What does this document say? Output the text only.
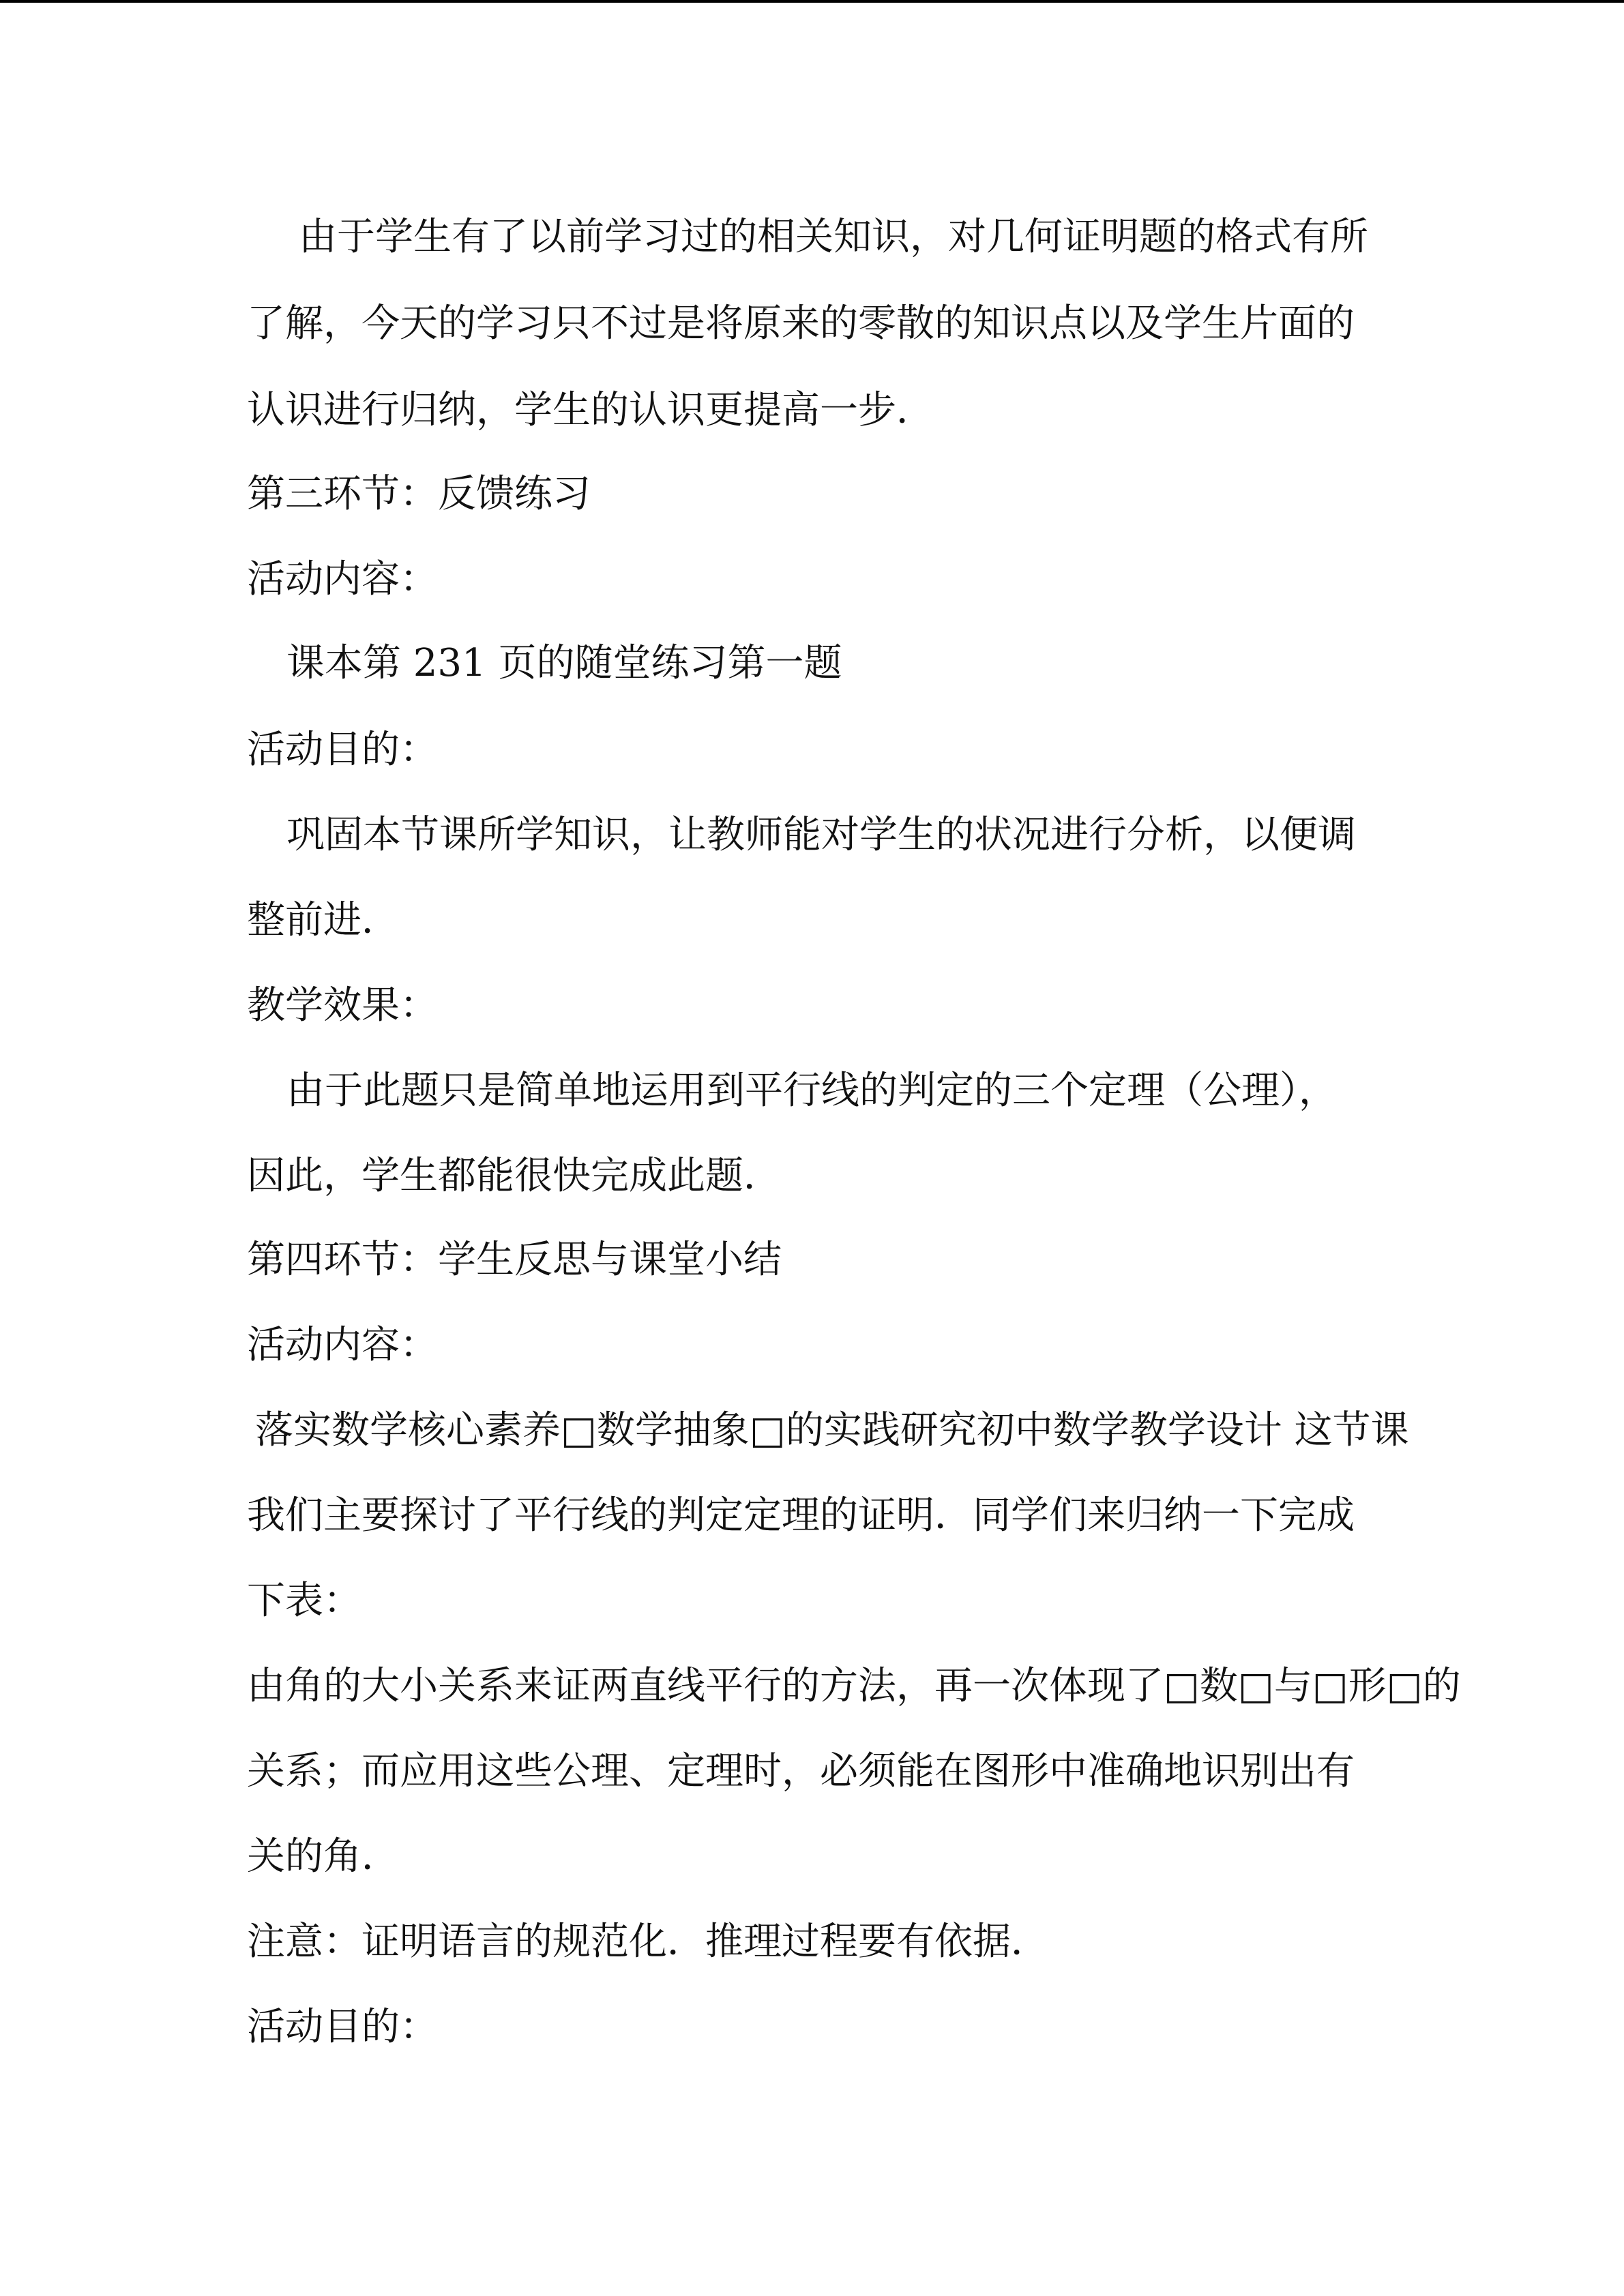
由于学生有了以前学习过的相关知识，对几何证明题的格式有所
了解，今天的学习只不过是将原来的零散的知识点以及学生片面的
认识进行归纳，学生的认识更提高一步．
第三环节：反馈练习
活动内容：
课本第 231 页的随堂练习第一题
活动目的：
巩固本节课所学知识，让教师能对学生的状况进行分析，以便调
整前进．
教学效果：
由于此题只是简单地运用到平行线的判定的三个定理（公理），
因此，学生都能很快完成此题．
第四环节：学生反思与课堂小结
活动内容：
落实数学核心素养□数学抽象□的实践研究初中数学教学设计 这节课
我们主要探讨了平行线的判定定理的证明．同学们来归纳一下完成
下表：
由角的大小关系来证两直线平行的方法，再一次体现了□数□与□形□的
关系；而应用这些公理、定理时，必须能在图形中准确地识别出有
关的角．
注意：证明语言的规范化．推理过程要有依据．
活动目的：
